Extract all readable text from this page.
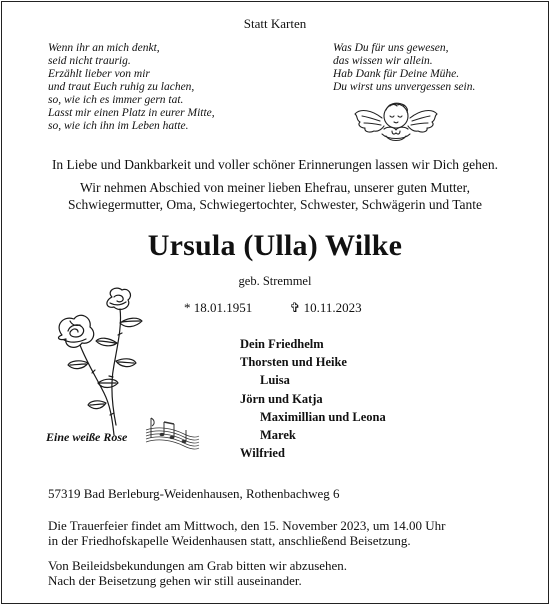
Statt Karten
Wenn ihr an mich denkt,
seid nicht traurig.
Erzählt lieber von mir
und traut Euch ruhig zu lachen,
so, wie ich es immer gern tat.
Lasst mir einen Platz in eurer Mitte,
so, wie ich ihn im Leben hatte.
Was Du für uns gewesen,
das wissen wir allein.
Hab Dank für Deine Mühe.
Du wirst uns unvergessen sein.
In Liebe und Dankbarkeit und voller schöner Erinnerungen lassen wir Dich gehen.
Wir nehmen Abschied von meiner lieben Ehefrau, unserer guten Mutter,
Schwiegermutter, Oma, Schwiegertochter, Schwester, Schwägerin und Tante
Ursula (Ulla) Wilke
geb. Stremmel
* 18.01.1951	✞ 10.11.2023
Eine weiße Rose
Dein Friedhelm
Thorsten und Heike
Luisa
Jörn und Katja
Maximillian und Leona
Marek
Wilfried
57319 Bad Berleburg-Weidenhausen, Rothenbachweg 6
Die Trauerfeier findet am Mittwoch, den 15. November 2023, um 14.00 Uhr
in der Friedhofskapelle Weidenhausen statt, anschließend Beisetzung.
Von Beileidsbekundungen am Grab bitten wir abzusehen.
Nach der Beisetzung gehen wir still auseinander.
